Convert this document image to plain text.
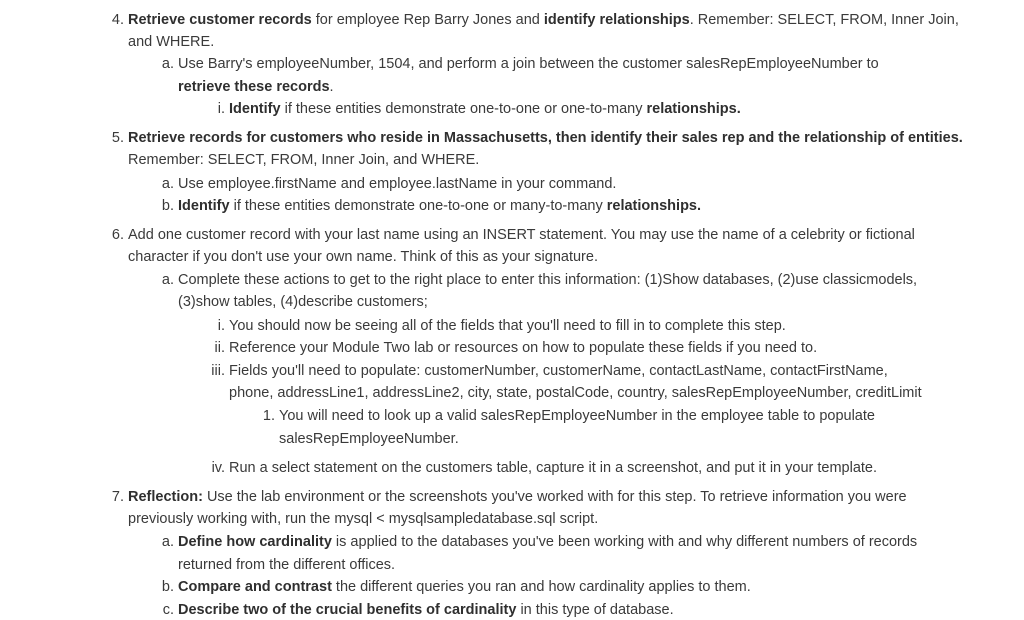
4. Retrieve customer records for employee Rep Barry Jones and identify relationships. Remember: SELECT, FROM, Inner Join,
and WHERE.
a. Use Barry's employeeNumber, 1504, and perform a join between the customer salesRepEmployeeNumber to
retrieve these records.
i. Identify if these entities demonstrate one-to-one or one-to-many relationships.
5. Retrieve records for customers who reside in Massachusetts, then identify their sales rep and the relationship of entities.
Remember: SELECT, FROM, Inner Join, and WHERE.
a. Use employee.firstName and employee.lastName in your command.
b. Identify if these entities demonstrate one-to-one or many-to-many relationships.
6. Add one customer record with your last name using an INSERT statement. You may use the name of a celebrity or fictional
character if you don't use your own name. Think of this as your signature.
a. Complete these actions to get to the right place to enter this information: (1)Show databases, (2)use classicmodels,
(3)show tables, (4)describe customers;
i. You should now be seeing all of the fields that you'll need to fill in to complete this step.
ii. Reference your Module Two lab or resources on how to populate these fields if you need to.
iii. Fields you'll need to populate: customerNumber, customerName, contactLastName, contactFirstName,
phone, addressLine1, addressLine2, city, state, postalCode, country, salesRepEmployeeNumber, creditLimit
1. You will need to look up a valid salesRepEmployeeNumber in the employee table to populate
salesRepEmployeeNumber.
iv. Run a select statement on the customers table, capture it in a screenshot, and put it in your template.
7. Reflection: Use the lab environment or the screenshots you've worked with for this step. To retrieve information you were
previously working with, run the mysql < mysqlsampledatabase.sql script.
a. Define how cardinality is applied to the databases you've been working with and why different numbers of records
returned from the different offices.
b. Compare and contrast the different queries you ran and how cardinality applies to them.
c. Describe two of the crucial benefits of cardinality in this type of database.
